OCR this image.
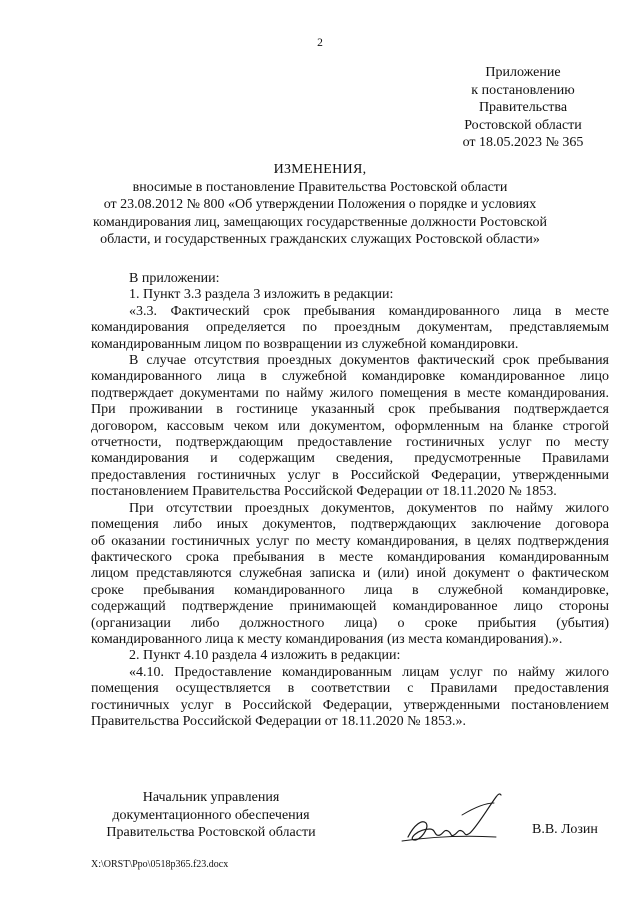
2
Приложение
к постановлению
Правительства
Ростовской области
от 18.05.2023 № 365
ИЗМЕНЕНИЯ,
вносимые в постановление Правительства Ростовской области
от 23.08.2012 № 800 «Об утверждении Положения о порядке и условиях
командирования лиц, замещающих государственные должности Ростовской
области, и государственных гражданских служащих Ростовской области»
В приложении:
1. Пункт 3.3 раздела 3 изложить в редакции:
«3.3. Фактический срок пребывания командированного лица в месте
командирования определяется по проездным документам, представляемым
командированным лицом по возвращении из служебной командировки.
В случае отсутствия проездных документов фактический срок пребывания
командированного лица в служебной командировке командированное лицо
подтверждает документами по найму жилого помещения в месте командирования.
При проживании в гостинице указанный срок пребывания подтверждается
договором, кассовым чеком или документом, оформленным на бланке строгой
отчетности, подтверждающим предоставление гостиничных услуг по месту
командирования и содержащим сведения, предусмотренные Правилами
предоставления гостиничных услуг в Российской Федерации, утвержденными
постановлением Правительства Российской Федерации от 18.11.2020 № 1853.
При отсутствии проездных документов, документов по найму жилого
помещения либо иных документов, подтверждающих заключение договора
об оказании гостиничных услуг по месту командирования, в целях подтверждения
фактического срока пребывания в месте командирования командированным
лицом представляются служебная записка и (или) иной документ о фактическом
сроке пребывания командированного лица в служебной командировке,
содержащий подтверждение принимающей командированное лицо стороны
(организации либо должностного лица) о сроке прибытия (убытия)
командированного лица к месту командирования (из места командирования).».
2. Пункт 4.10 раздела 4 изложить в редакции:
«4.10. Предоставление командированным лицам услуг по найму жилого
помещения осуществляется в соответствии с Правилами предоставления
гостиничных услуг в Российской Федерации, утвержденными постановлением
Правительства Российской Федерации от 18.11.2020 № 1853.».
Начальник управления
документационного обеспечения
Правительства Ростовской области	В.В. Лозин
X:\ORST\Ppo\0518p365.f23.docx
